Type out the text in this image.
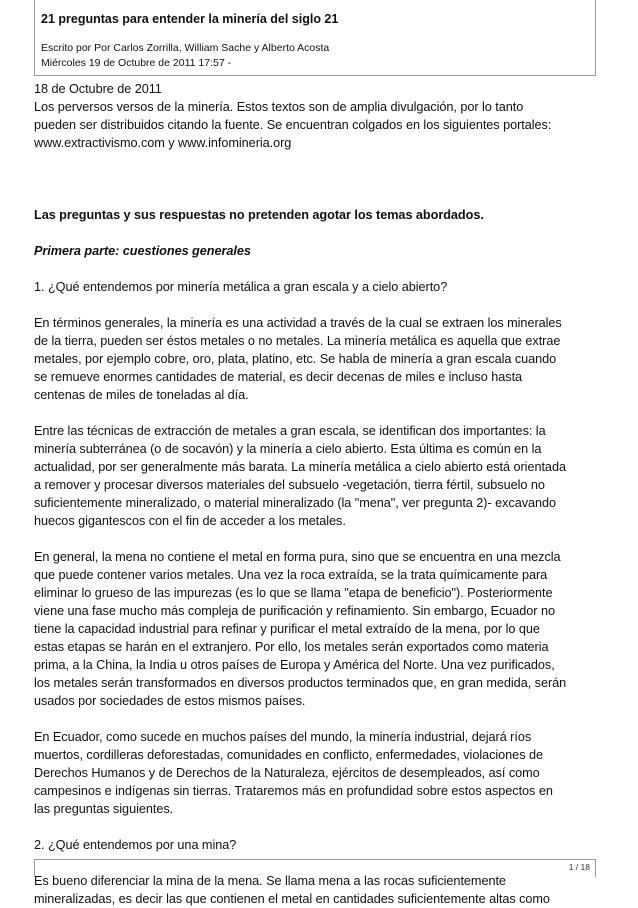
21 preguntas para entender la minería del siglo 21
Escrito por Por Carlos Zorrilla, William Sache y Alberto Acosta
Miércoles 19 de Octubre de 2011 17:57 -

18 de Octubre de 2011
Los perversos versos de la minería. Estos textos son de amplia divulgación, por lo tanto
pueden ser distribuidos citando la fuente. Se encuentran colgados en los siguientes portales:
www.extractivismo.com y www.infomineria.org

Las preguntas y sus respuestas no pretenden agotar los temas abordados.

Primera parte: cuestiones generales

1. ¿Qué entendemos por minería metálica a gran escala y a cielo abierto?

En términos generales, la minería es una actividad a través de la cual se extraen los minerales
de la tierra, pueden ser éstos metales o no metales. La minería metálica es aquella que extrae
metales, por ejemplo cobre, oro, plata, platino, etc. Se habla de minería a gran escala cuando
se remueve enormes cantidades de material, es decir decenas de miles e incluso hasta
centenas de miles de toneladas al día.

Entre las técnicas de extracción de metales a gran escala, se identifican dos importantes: la
minería subterránea (o de socavón) y la minería a cielo abierto. Esta última es común en la
actualidad, por ser generalmente más barata. La minería metálica a cielo abierto está orientada
a remover y procesar diversos materiales del subsuelo -vegetación, tierra fértil, subsuelo no
suficientemente mineralizado, o material mineralizado (la "mena", ver pregunta 2)- excavando
huecos gigantescos con el fin de acceder a los metales.

En general, la mena no contiene el metal en forma pura, sino que se encuentra en una mezcla
que puede contener varios metales. Una vez la roca extraída, se la trata químicamente para
eliminar lo grueso de las impurezas (es lo que se llama "etapa de beneficio"). Posteriormente
viene una fase mucho más compleja de purificación y refinamiento. Sin embargo, Ecuador no
tiene la capacidad industrial para refinar y purificar el metal extraído de la mena, por lo que
estas etapas se harán en el extranjero. Por ello, los metales serán exportados como materia
prima, a la China, la India u otros países de Europa y América del Norte. Una vez purificados,
los metales serán transformados en diversos productos terminados que, en gran medida, serán
usados por sociedades de estos mismos países.

En Ecuador, como sucede en muchos países del mundo, la minería industrial, dejará ríos
muertos, cordilleras deforestadas, comunidades en conflicto, enfermedades, violaciones de
Derechos Humanos y de Derechos de la Naturaleza, ejércitos de desempleados, así como
campesinos e indígenas sin tierras. Trataremos más en profundidad sobre estos aspectos en
las preguntas siguientes.

2. ¿Qué entendemos por una mina?

Es bueno diferenciar la mina de la mena. Se llama mena a las rocas suficientemente
mineralizadas, es decir las que contienen el metal en cantidades suficientemente altas como

1 / 18
